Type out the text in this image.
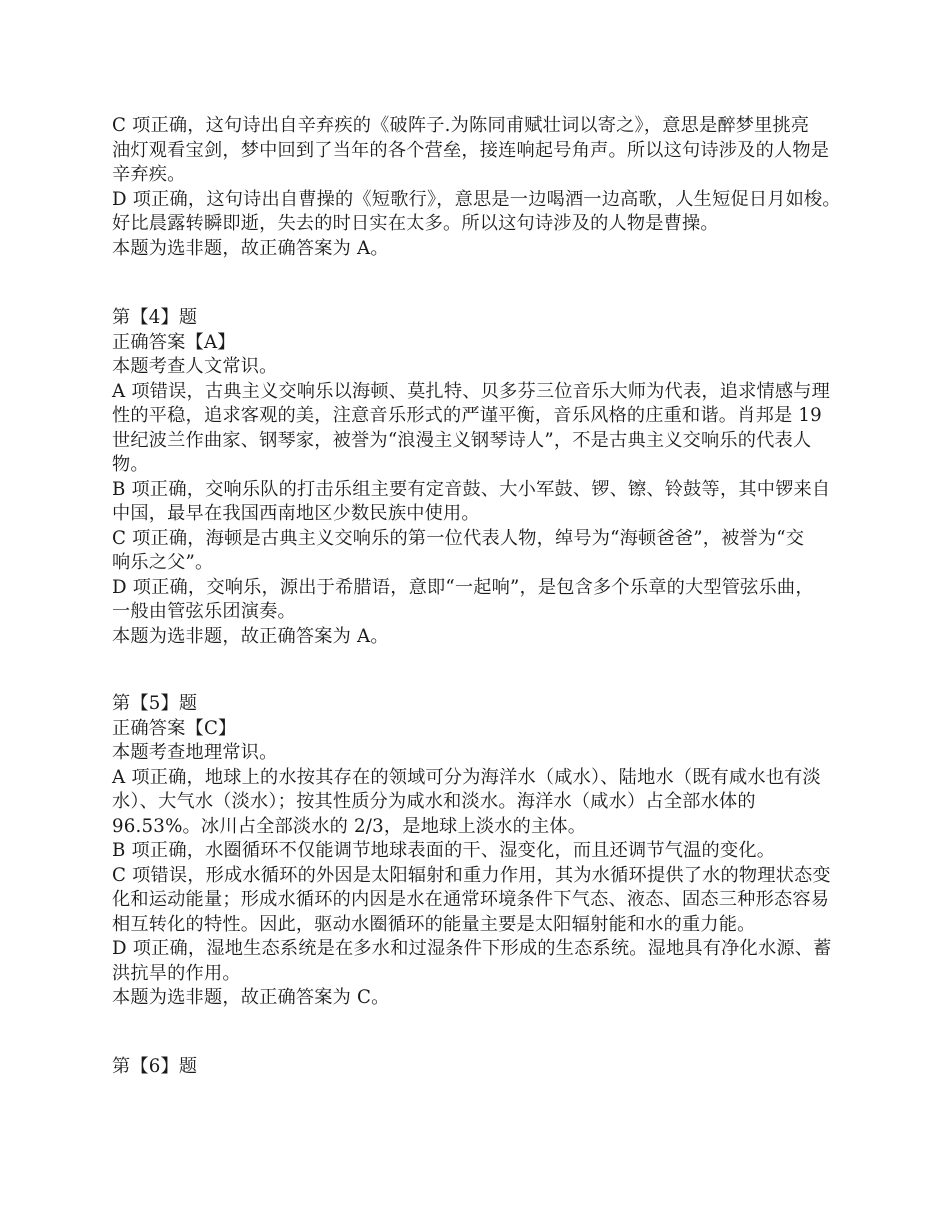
C 项正确，这句诗出自辛弃疾的《破阵子.为陈同甫赋壮词以寄之》，意思是醉梦里挑亮
油灯观看宝剑，梦中回到了当年的各个营垒，接连响起号角声。所以这句诗涉及的人物是
辛弃疾。
D 项正确，这句诗出自曹操的《短歌行》，意思是一边喝酒一边高歌，人生短促日月如梭。
好比晨露转瞬即逝，失去的时日实在太多。所以这句诗涉及的人物是曹操。
本题为选非题，故正确答案为 A。
第【4】题
正确答案【A】
本题考查人文常识。
A 项错误，古典主义交响乐以海顿、莫扎特、贝多芬三位音乐大师为代表，追求情感与理
性的平稳，追求客观的美，注意音乐形式的严谨平衡，音乐风格的庄重和谐。肖邦是 19
世纪波兰作曲家、钢琴家，被誉为“浪漫主义钢琴诗人”，不是古典主义交响乐的代表人
物。
B 项正确，交响乐队的打击乐组主要有定音鼓、大小军鼓、锣、镲、铃鼓等，其中锣来自
中国，最早在我国西南地区少数民族中使用。
C 项正确，海顿是古典主义交响乐的第一位代表人物，绰号为“海顿爸爸”，被誉为“交
响乐之父”。
D 项正确，交响乐，源出于希腊语，意即“一起响”，是包含多个乐章的大型管弦乐曲，
一般由管弦乐团演奏。
本题为选非题，故正确答案为 A。
第【5】题
正确答案【C】
本题考查地理常识。
A 项正确，地球上的水按其存在的领域可分为海洋水（咸水）、陆地水（既有咸水也有淡
水）、大气水（淡水）；按其性质分为咸水和淡水。海洋水（咸水）占全部水体的
96.53%。冰川占全部淡水的 2/3，是地球上淡水的主体。
B 项正确，水圈循环不仅能调节地球表面的干、湿变化，而且还调节气温的变化。
C 项错误，形成水循环的外因是太阳辐射和重力作用，其为水循环提供了水的物理状态变
化和运动能量；形成水循环的内因是水在通常环境条件下气态、液态、固态三种形态容易
相互转化的特性。因此，驱动水圈循环的能量主要是太阳辐射能和水的重力能。
D 项正确，湿地生态系统是在多水和过湿条件下形成的生态系统。湿地具有净化水源、蓄
洪抗旱的作用。
本题为选非题，故正确答案为 C。
第【6】题
